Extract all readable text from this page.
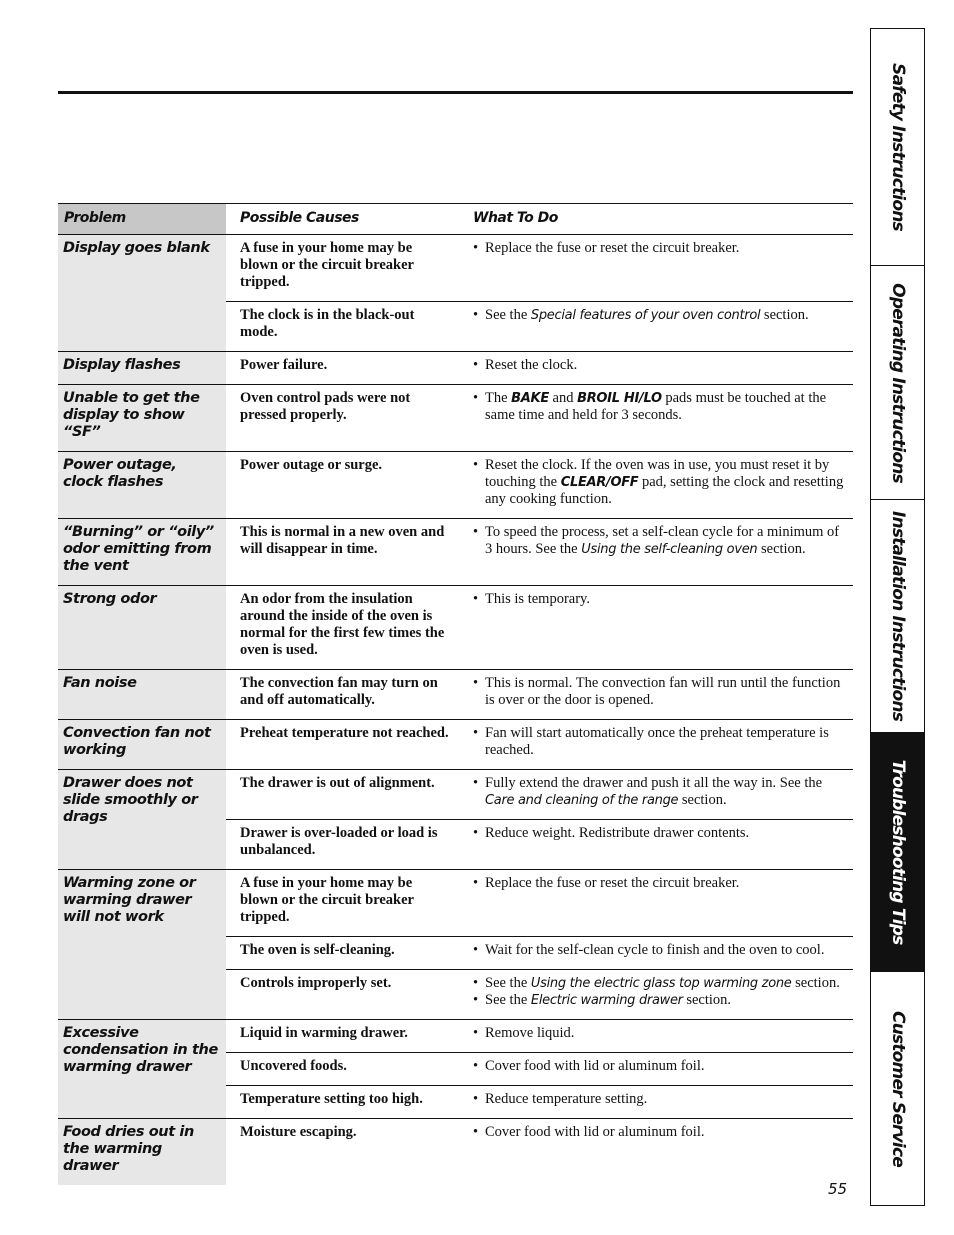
Safety Instructions
Operating Instructions
Installation Instructions
Troubleshooting Tips
Customer Service
Problem	Possible Causes	What To Do
Display goes blank	A fuse in your home may be blown or the circuit breaker tripped.	• Replace the fuse or reset the circuit breaker.

	The clock is in the black-out mode.	• See the Special features of your oven control section.

Display flashes	Power failure.	• Reset the clock.

Unable to get the display to show “SF”	Oven control pads were not pressed properly.	• The BAKE and BROIL HI/LO pads must be touched at the same time and held for 3 seconds.

Power outage, clock flashes	Power outage or surge.	• Reset the clock. If the oven was in use, you must reset it by touching the CLEAR/OFF pad, setting the clock and resetting any cooking function.

“Burning” or “oily” odor emitting from the vent	This is normal in a new oven and will disappear in time.	• To speed the process, set a self-clean cycle for a minimum of 3 hours. See the Using the self-cleaning oven section.

Strong odor	An odor from the insulation around the inside of the oven is normal for the first few times the oven is used.	• This is temporary.

Fan noise	The convection fan may turn on and off automatically.	• This is normal. The convection fan will run until the function is over or the door is opened.

Convection fan not working	Preheat temperature not reached.	• Fan will start automatically once the preheat temperature is reached.

Drawer does not slide smoothly or drags	The drawer is out of alignment.	• Fully extend the drawer and push it all the way in. See the Care and cleaning of the range section.

	Drawer is over-loaded or load is unbalanced.	• Reduce weight. Redistribute drawer contents.

Warming zone or warming drawer will not work	A fuse in your home may be blown or the circuit breaker tripped.	• Replace the fuse or reset the circuit breaker.

	The oven is self-cleaning.	• Wait for the self-clean cycle to finish and the oven to cool.

	Controls improperly set.	• See the Using the electric glass top warming zone section.
• See the Electric warming drawer section.

Excessive condensation in the warming drawer	Liquid in warming drawer.	• Remove liquid.

	Uncovered foods.	• Cover food with lid or aluminum foil.

	Temperature setting too high.	• Reduce temperature setting.

Food dries out in the warming drawer	Moisture escaping.	• Cover food with lid or aluminum foil.
55
